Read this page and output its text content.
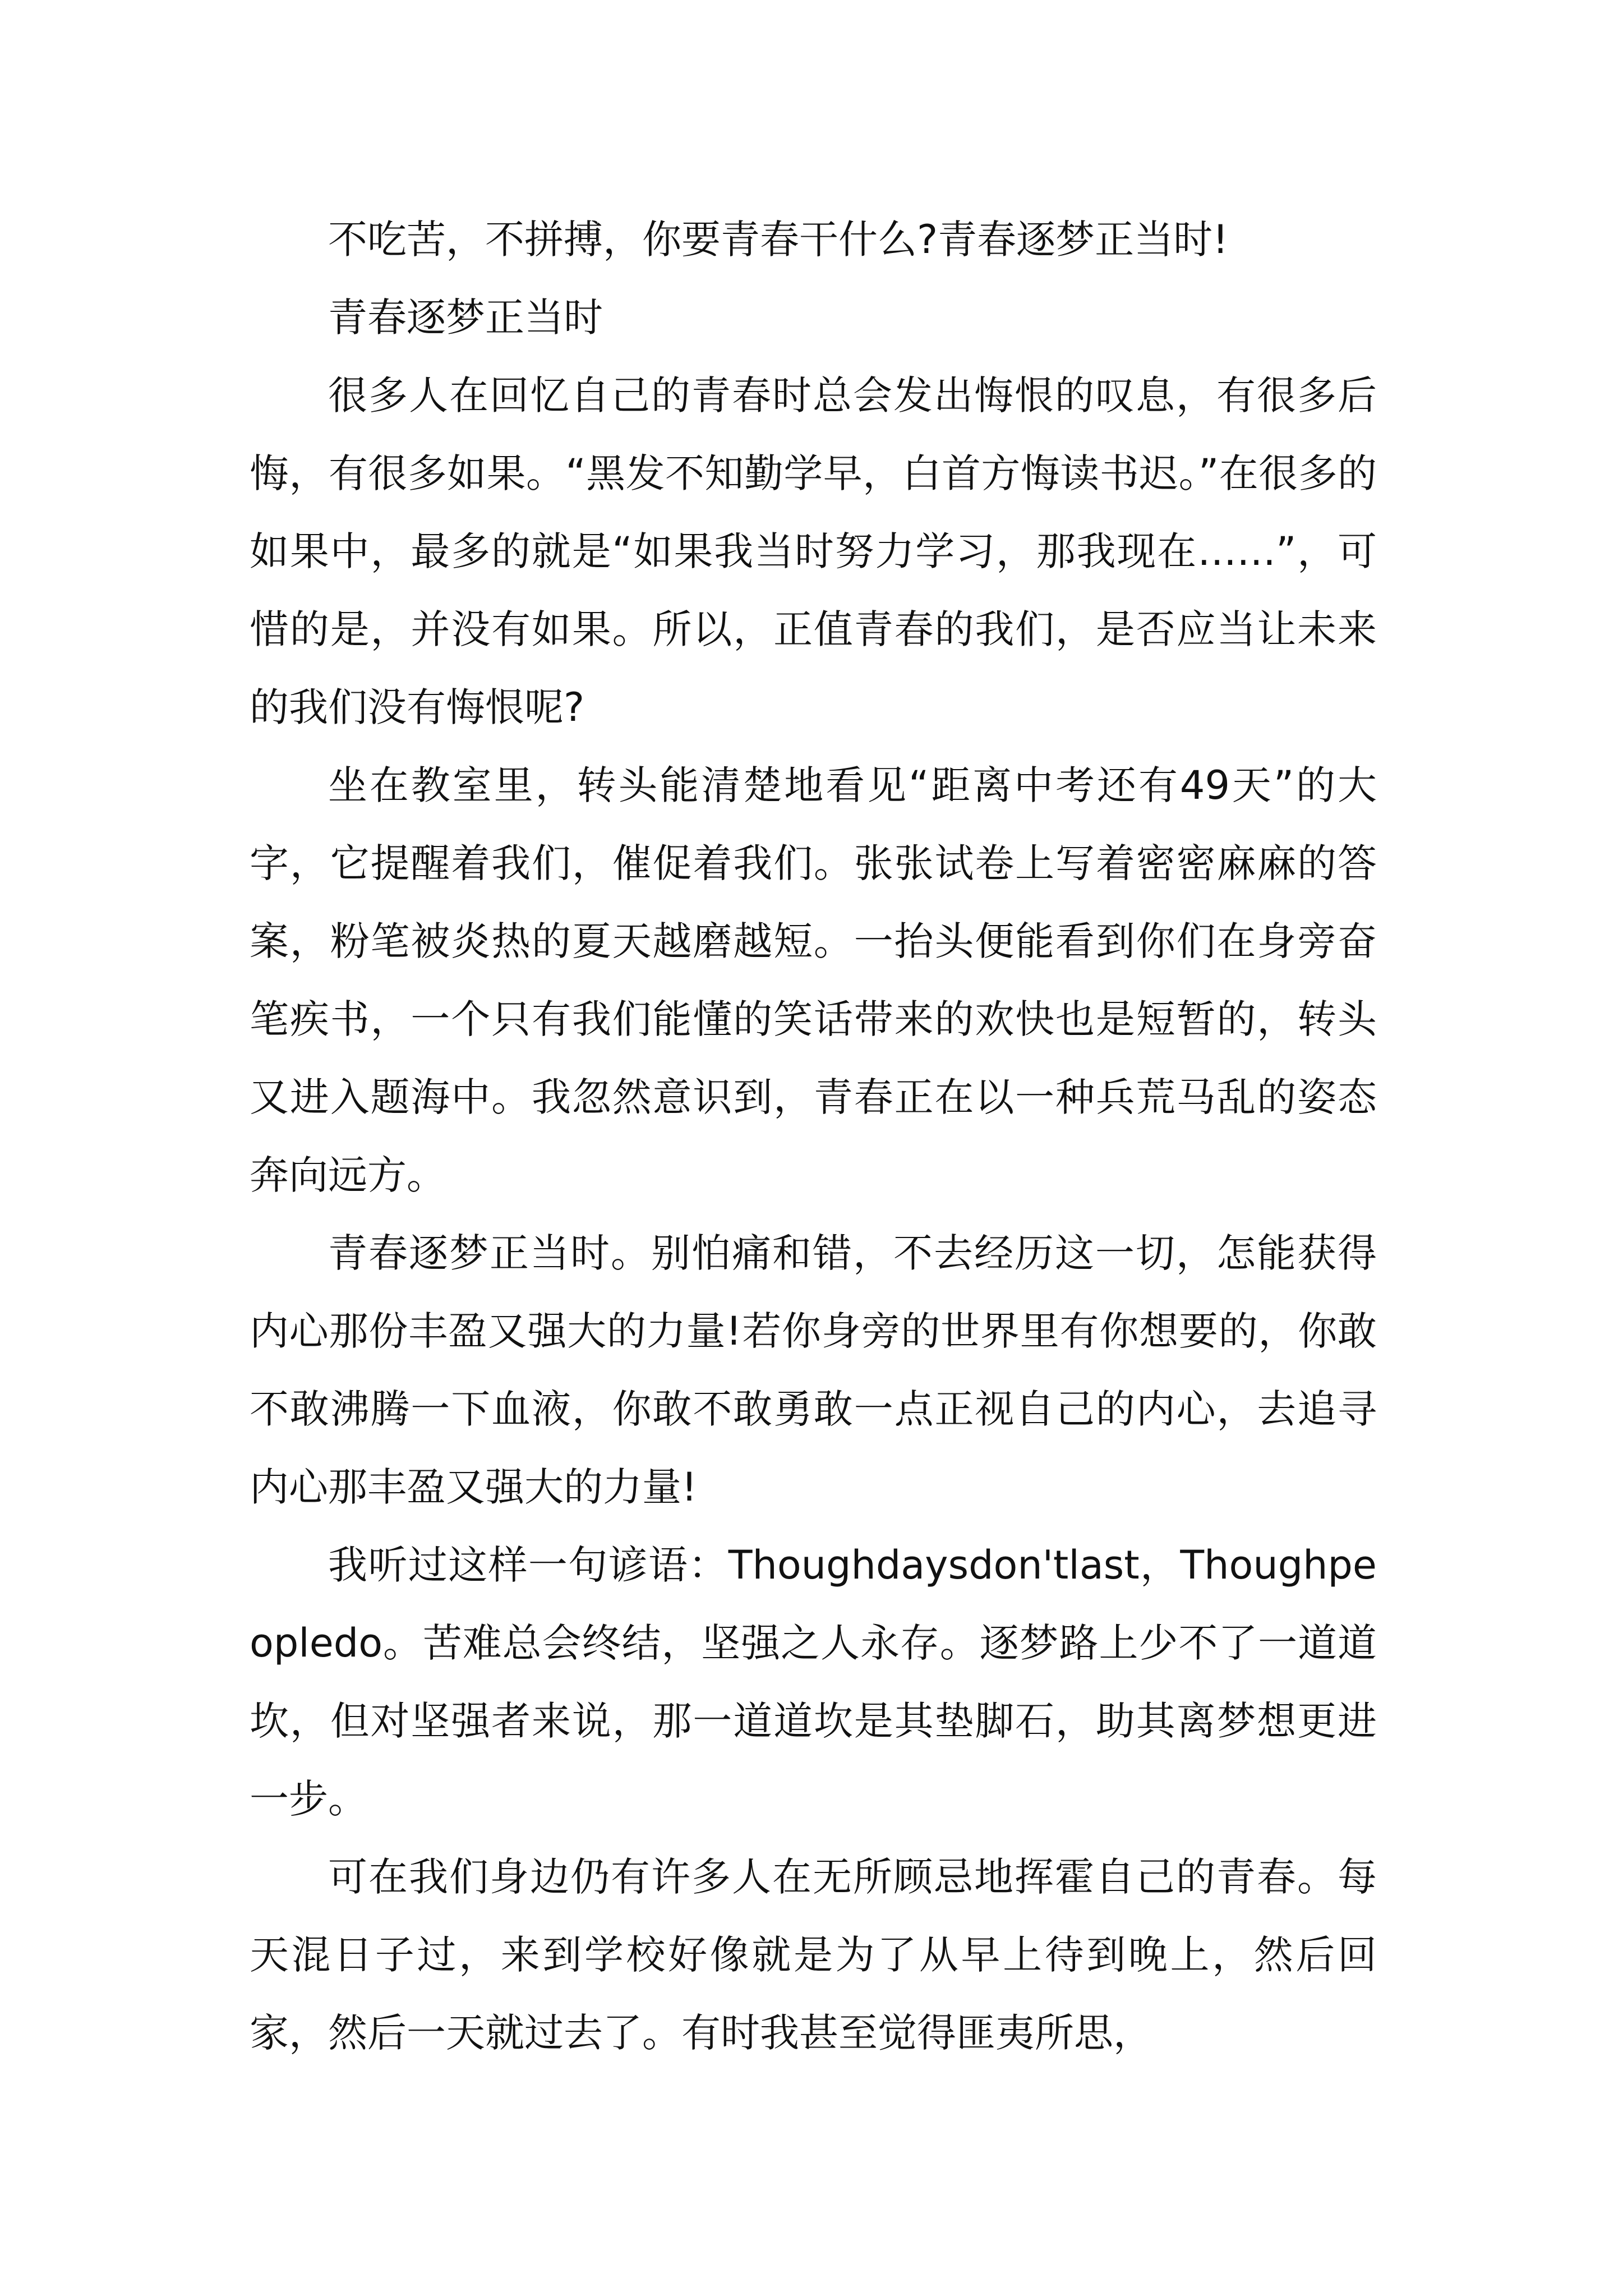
不吃苦，不拼搏，你要青春干什么?青春逐梦正当时!

青春逐梦正当时

很多人在回忆自己的青春时总会发出悔恨的叹息，有很多后悔，有很多如果。“黑发不知勤学早，白首方悔读书迟。”在很多的如果中，最多的就是“如果我当时努力学习，那我现在……”，可惜的是，并没有如果。所以，正值青春的我们，是否应当让未来的我们没有悔恨呢?

坐在教室里，转头能清楚地看见“距离中考还有49天”的大字，它提醒着我们，催促着我们。张张试卷上写着密密麻麻的答案，粉笔被炎热的夏天越磨越短。一抬头便能看到你们在身旁奋笔疾书，一个只有我们能懂的笑话带来的欢快也是短暂的，转头又进入题海中。我忽然意识到，青春正在以一种兵荒马乱的姿态奔向远方。

青春逐梦正当时。别怕痛和错，不去经历这一切，怎能获得内心那份丰盈又强大的力量!若你身旁的世界里有你想要的，你敢不敢沸腾一下血液，你敢不敢勇敢一点正视自己的内心，去追寻内心那丰盈又强大的力量!

我听过这样一句谚语：Thoughdaysdon'tlast，Thoughpeopledo。苦难总会终结，坚强之人永存。逐梦路上少不了一道道坎，但对坚强者来说，那一道道坎是其垫脚石，助其离梦想更进一步。

可在我们身边仍有许多人在无所顾忌地挥霍自己的青春。每天混日子过，来到学校好像就是为了从早上待到晚上，然后回家，然后一天就过去了。有时我甚至觉得匪夷所思，
